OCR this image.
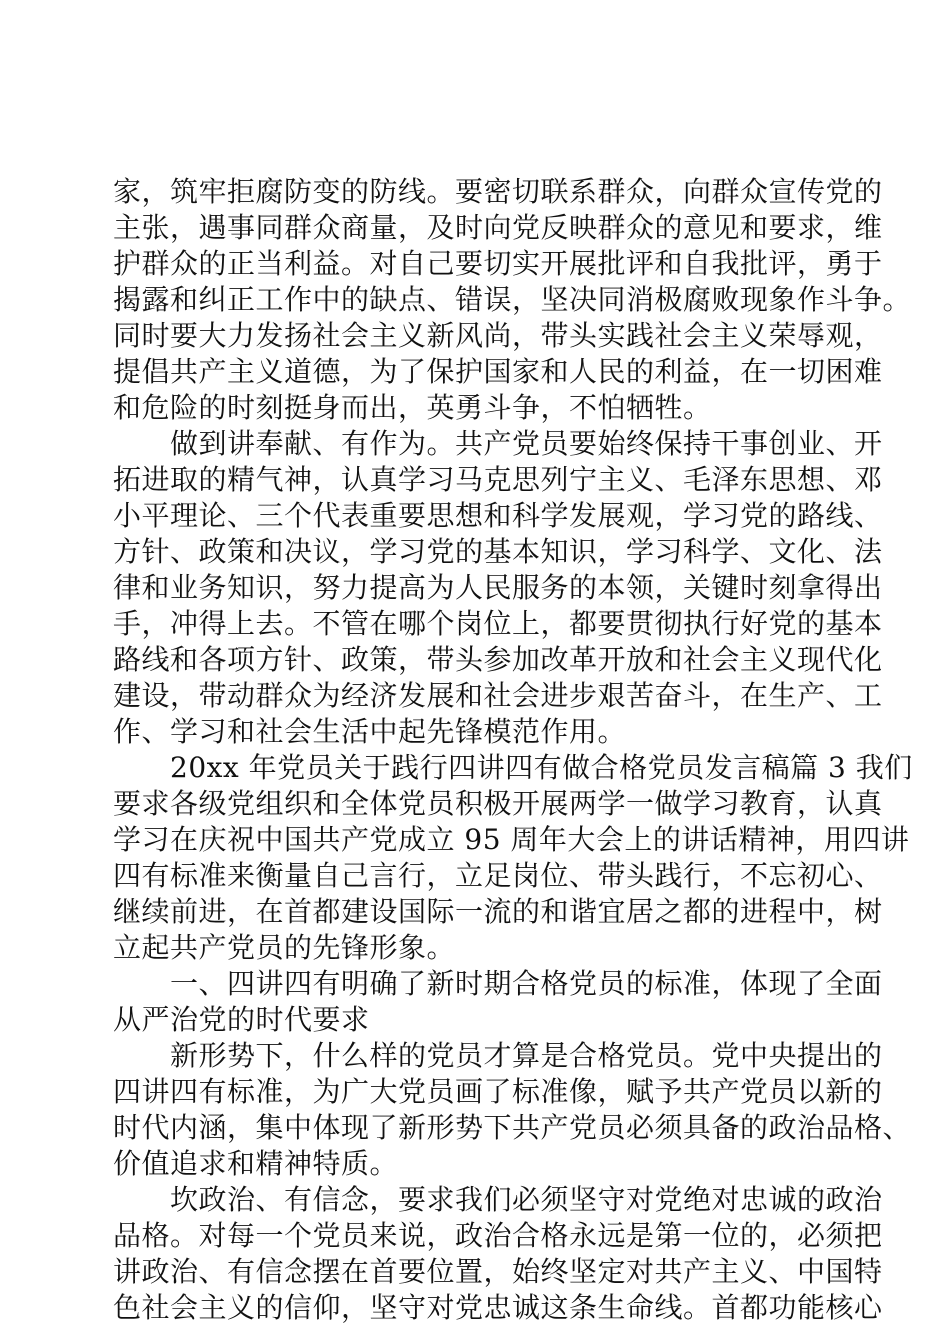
家，筑牢拒腐防变的防线。要密切联系群众，向群众宣传党的
主张，遇事同群众商量，及时向党反映群众的意见和要求，维
护群众的正当利益。对自己要切实开展批评和自我批评，勇于
揭露和纠正工作中的缺点、错误，坚决同消极腐败现象作斗争。
同时要大力发扬社会主义新风尚，带头实践社会主义荣辱观，
提倡共产主义道德，为了保护国家和人民的利益，在一切困难
和危险的时刻挺身而出，英勇斗争，不怕牺牲。
　　做到讲奉献、有作为。共产党员要始终保持干事创业、开
拓进取的精气神，认真学习马克思列宁主义、毛泽东思想、邓
小平理论、三个代表重要思想和科学发展观，学习党的路线、
方针、政策和决议，学习党的基本知识，学习科学、文化、法
律和业务知识，努力提高为人民服务的本领，关键时刻拿得出
手，冲得上去。不管在哪个岗位上，都要贯彻执行好党的基本
路线和各项方针、政策，带头参加改革开放和社会主义现代化
建设，带动群众为经济发展和社会进步艰苦奋斗，在生产、工
作、学习和社会生活中起先锋模范作用。
　　20xx 年党员关于践行四讲四有做合格党员发言稿篇 3 我们
要求各级党组织和全体党员积极开展两学一做学习教育，认真
学习在庆祝中国共产党成立 95 周年大会上的讲话精神，用四讲
四有标准来衡量自己言行，立足岗位、带头践行，不忘初心、
继续前进，在首都建设国际一流的和谐宜居之都的进程中，树
立起共产党员的先锋形象。
　　一、四讲四有明确了新时期合格党员的标准，体现了全面
从严治党的时代要求
　　新形势下，什么样的党员才算是合格党员。党中央提出的
四讲四有标准，为广大党员画了标准像，赋予共产党员以新的
时代内涵，集中体现了新形势下共产党员必须具备的政治品格、
价值追求和精神特质。
　　坎政治、有信念，要求我们必须坚守对党绝对忠诚的政治
品格。对每一个党员来说，政治合格永远是第一位的，必须把
讲政治、有信念摆在首要位置，始终坚定对共产主义、中国特
色社会主义的信仰，坚守对党忠诚这条生命线。首都功能核心
